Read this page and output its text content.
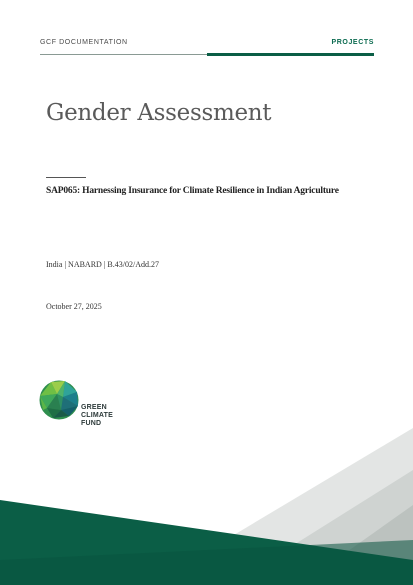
GCF DOCUMENTATION	PROJECTS
Gender Assessment
SAP065: Harnessing Insurance for Climate Resilience in Indian Agriculture
India | NABARD | B.43/02/Add.27
October 27, 2025
GREEN
CLIMATE
FUND
